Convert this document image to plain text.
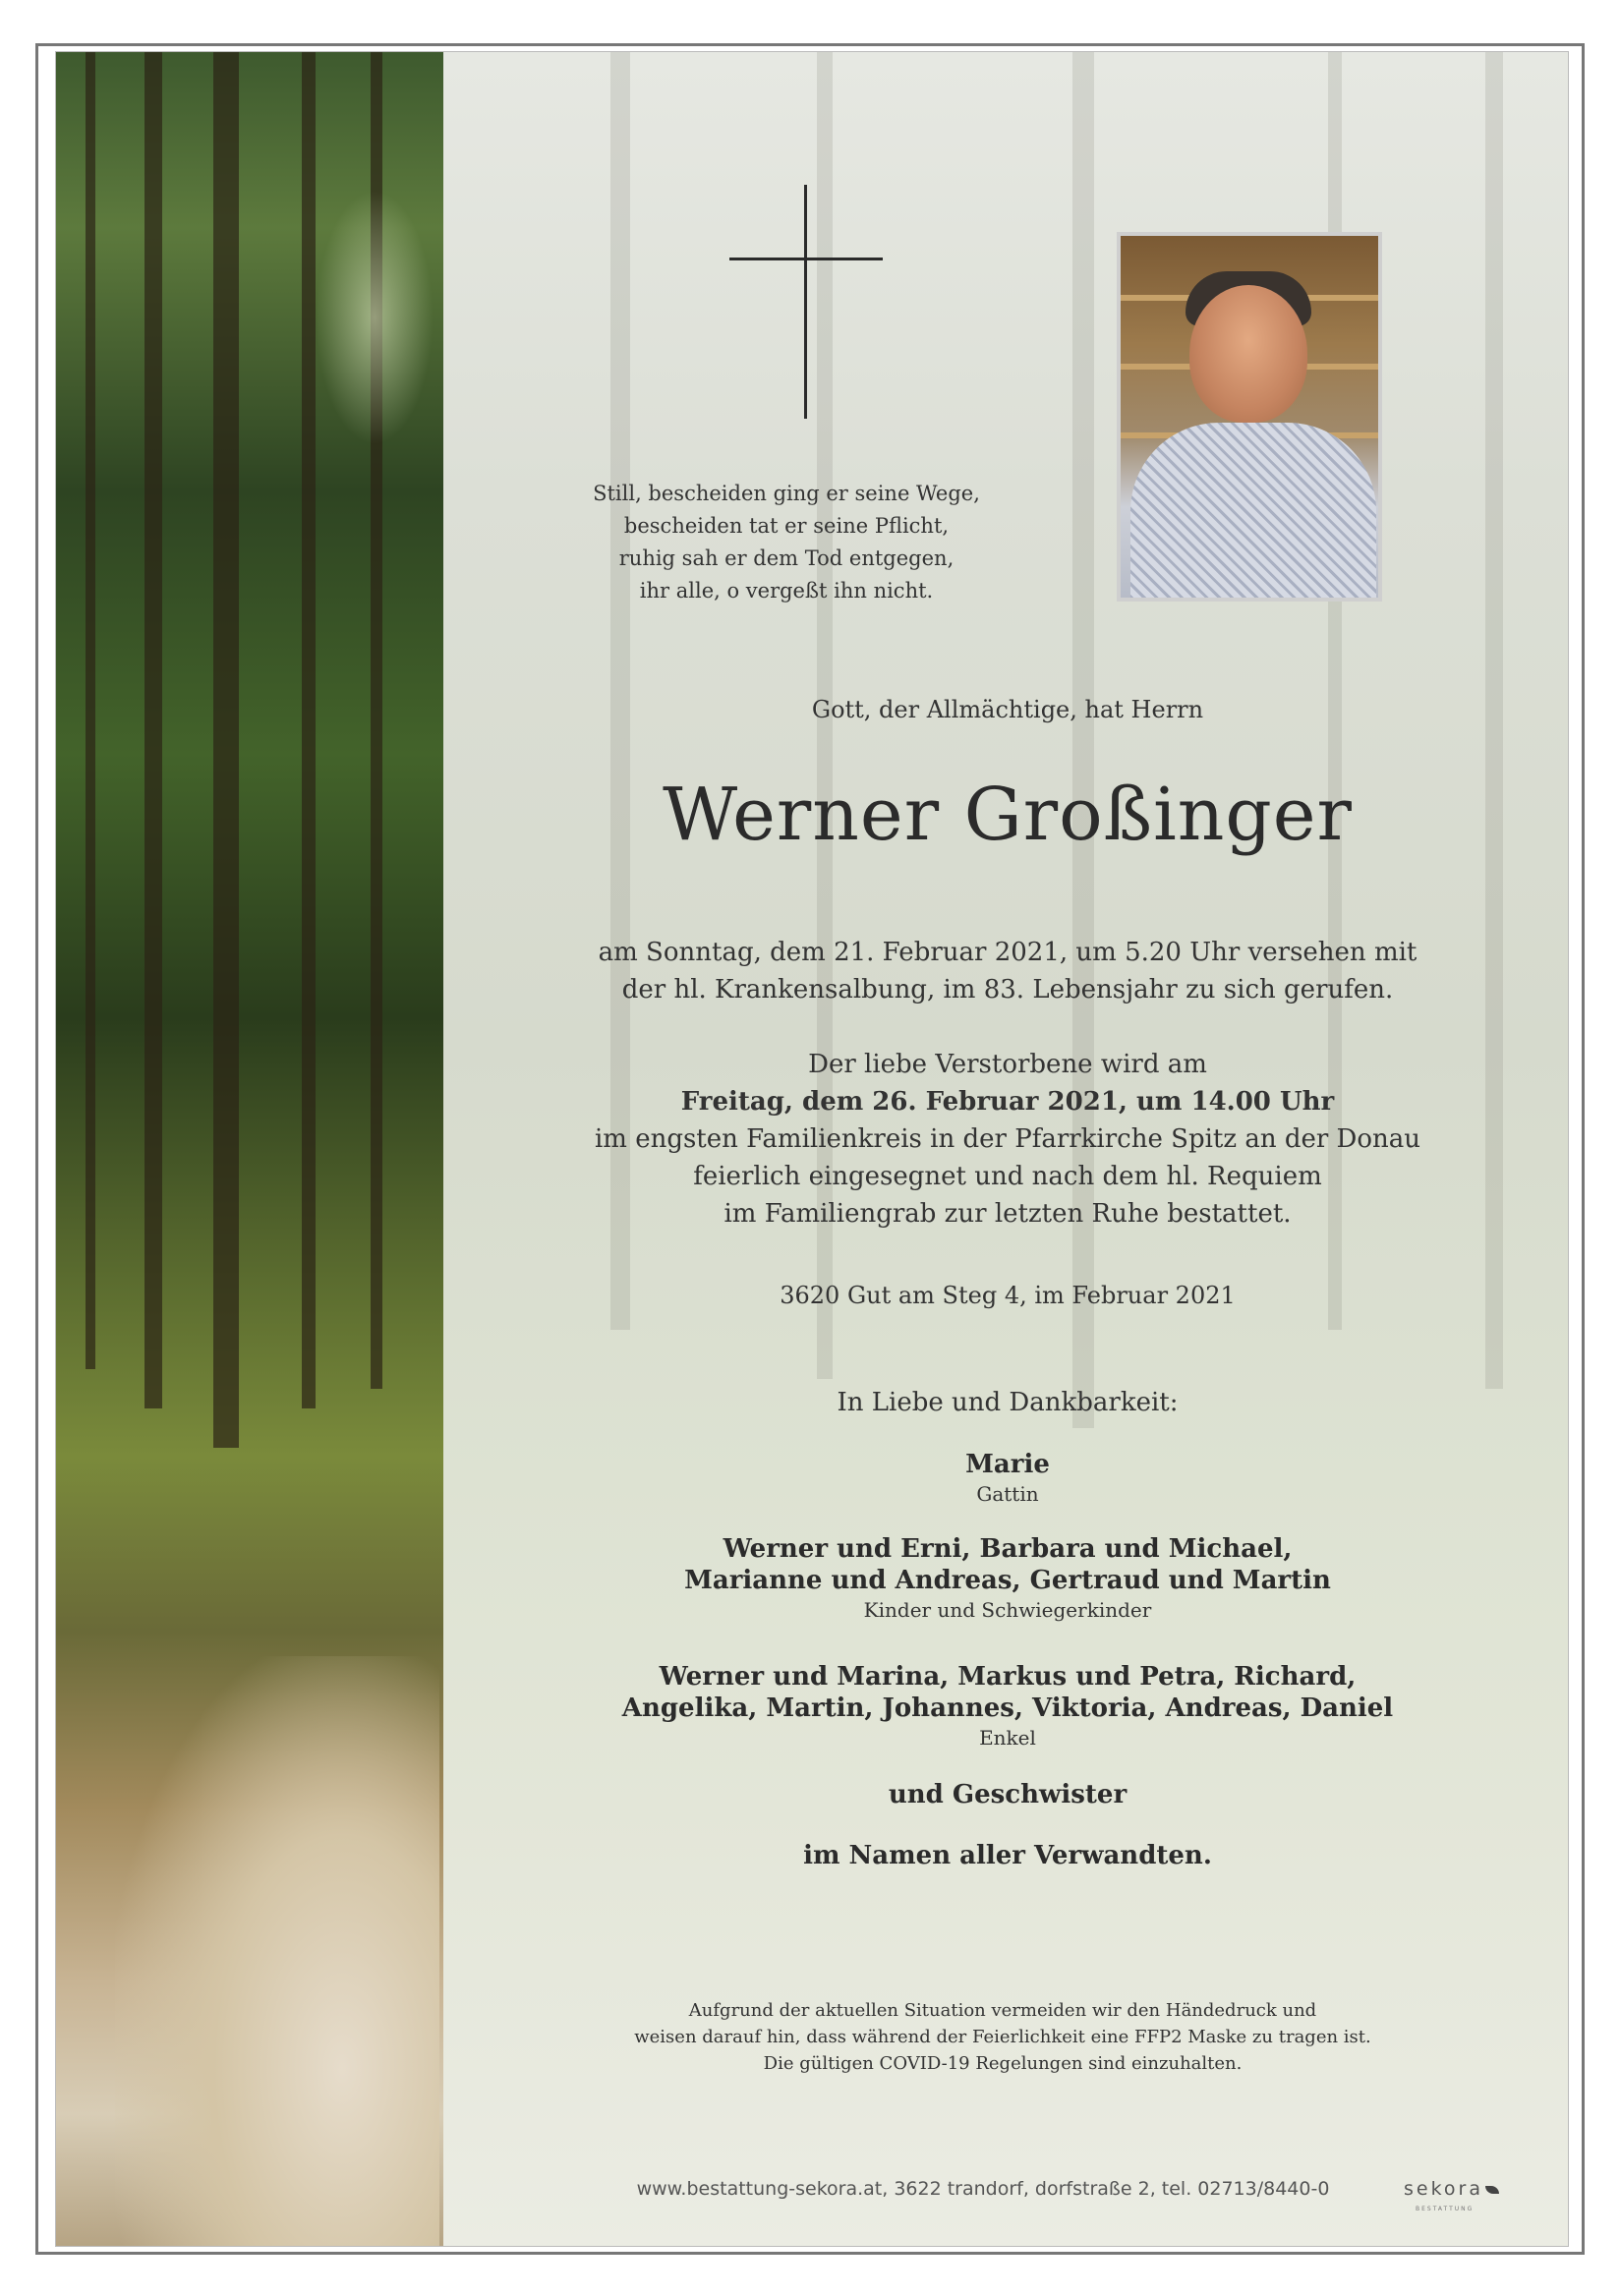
Still, bescheiden ging er seine Wege,
bescheiden tat er seine Pflicht,
ruhig sah er dem Tod entgegen,
ihr alle, o vergeßt ihn nicht.
Gott, der Allmächtige, hat Herrn
Werner Großinger
am Sonntag, dem 21. Februar 2021, um 5.20 Uhr versehen mit
der hl. Krankensalbung, im 83. Lebensjahr zu sich gerufen.
Der liebe Verstorbene wird am
Freitag, dem 26. Februar 2021, um 14.00 Uhr
im engsten Familienkreis in der Pfarrkirche Spitz an der Donau
feierlich eingesegnet und nach dem hl. Requiem
im Familiengrab zur letzten Ruhe bestattet.
3620 Gut am Steg 4, im Februar 2021
In Liebe und Dankbarkeit:
Marie
Gattin
Werner und Erni, Barbara und Michael,
Marianne und Andreas, Gertraud und Martin
Kinder und Schwiegerkinder
Werner und Marina, Markus und Petra, Richard,
Angelika, Martin, Johannes, Viktoria, Andreas, Daniel
Enkel
und Geschwister
im Namen aller Verwandten.
Aufgrund der aktuellen Situation vermeiden wir den Händedruck und
weisen darauf hin, dass während der Feierlichkeit eine FFP2 Maske zu tragen ist.
Die gültigen COVID-19 Regelungen sind einzuhalten.
www.bestattung-sekora.at, 3622 trandorf, dorfstraße 2, tel. 02713/8440-0	sekora
BESTATTUNG
